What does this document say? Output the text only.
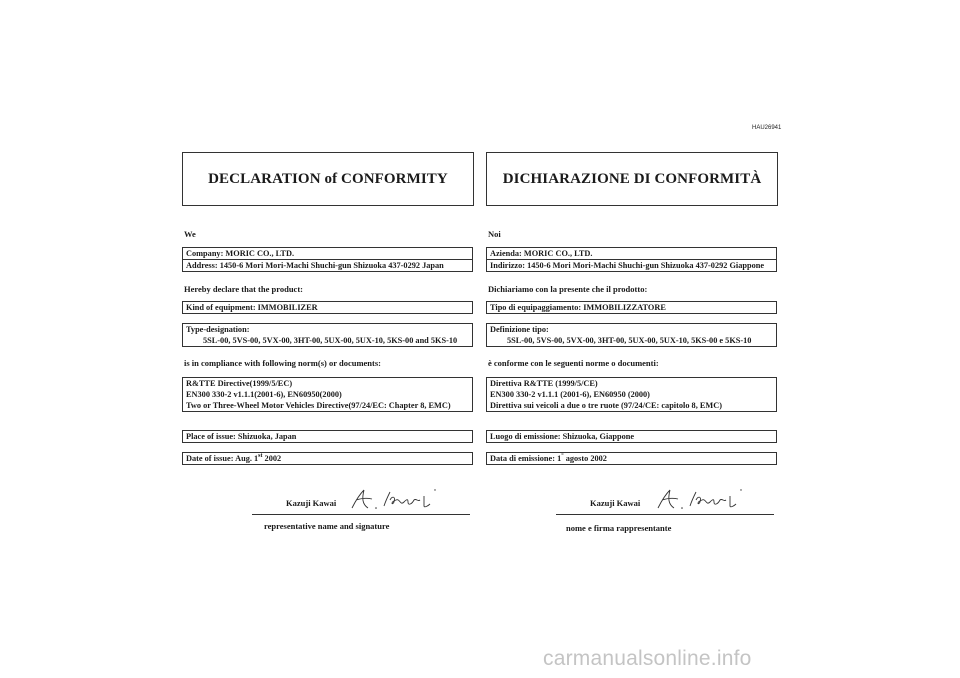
HAU26941
DECLARATION of CONFORMITY
We
Company: MORIC CO., LTD.
Address: 1450-6 Mori Mori-Machi Shuchi-gun Shizuoka 437-0292 Japan
Hereby declare that the product:
Kind of equipment: IMMOBILIZER
Type-designation:
5SL-00, 5VS-00, 5VX-00, 3HT-00, 5UX-00, 5UX-10, 5KS-00 and 5KS-10
is in compliance with following norm(s) or documents:
R&TTE Directive(1999/5/EC)
EN300 330-2 v1.1.1(2001-6), EN60950(2000)
Two or Three-Wheel Motor Vehicles Directive(97/24/EC: Chapter 8, EMC)
Place of issue: Shizuoka, Japan
Date of issue: Aug. 1st 2002
Kazuji Kawai
representative name and signature
DICHIARAZIONE DI CONFORMITÀ
Noi
Azienda: MORIC CO., LTD.
Indirizzo: 1450-6 Mori Mori-Machi Shuchi-gun Shizuoka 437-0292 Giappone
Dichiariamo con la presente che il prodotto:
Tipo di equipaggiamento: IMMOBILIZZATORE
Definizione tipo:
5SL-00, 5VS-00, 5VX-00, 3HT-00, 5UX-00, 5UX-10, 5KS-00 e 5KS-10
è conforme con le seguenti norme o documenti:
Direttiva R&TTE (1999/5/CE)
EN300 330-2 v1.1.1 (2001-6), EN60950 (2000)
Direttiva sui veicoli a due o tre ruote (97/24/CE: capitolo 8, EMC)
Luogo di emissione: Shizuoka, Giappone
Data di emissione: 1° agosto 2002
Kazuji Kawai
nome e firma rappresentante
carmanualsonline.info
